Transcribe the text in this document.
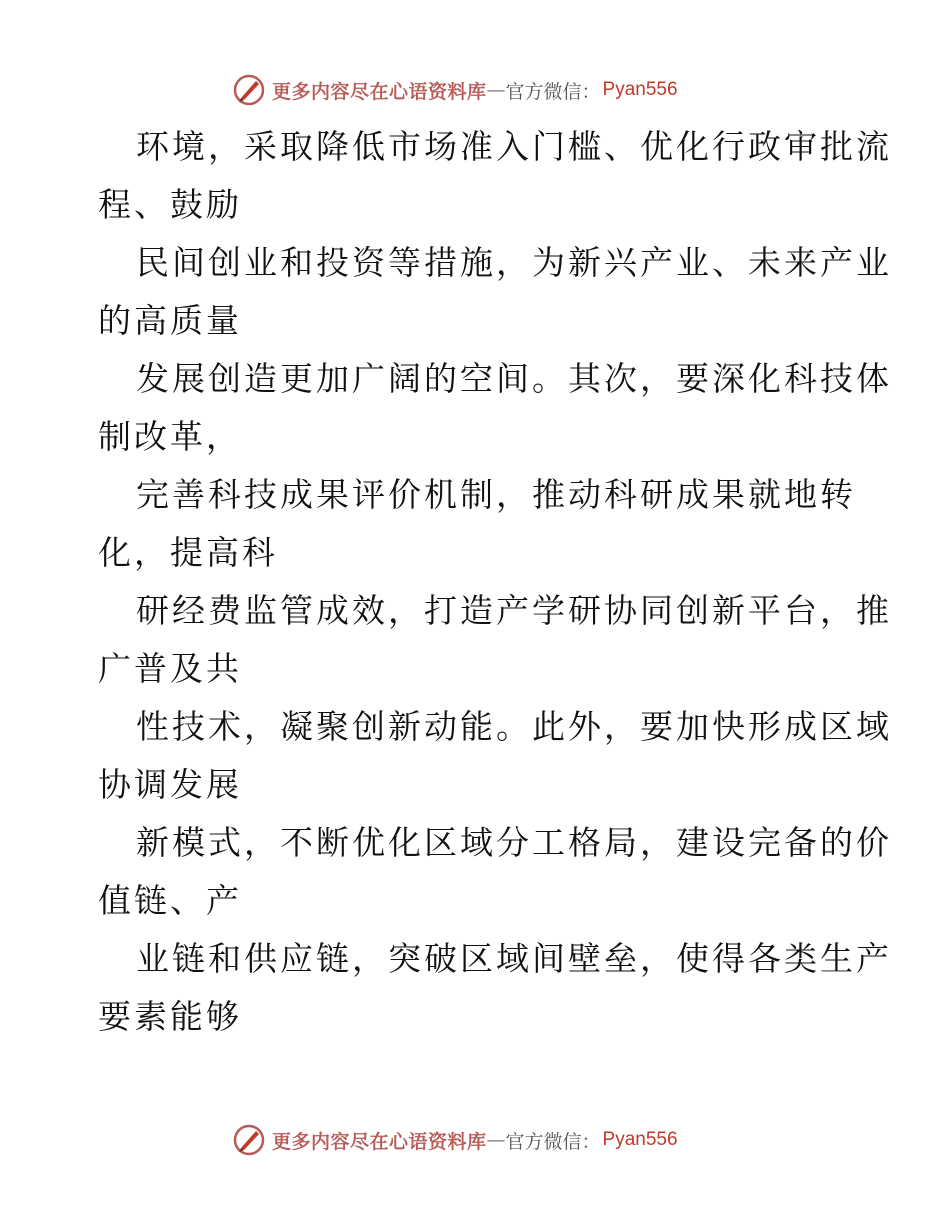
更多内容尽在心语资料库 — 官方微信： Pyan556
环境，采取降低市场准入门槛、优化行政审批流
程、鼓励
民间创业和投资等措施，为新兴产业、未来产业
的高质量
发展创造更加广阔的空间。其次，要深化科技体
制改革，
完善科技成果评价机制，推动科研成果就地转
化，提高科
研经费监管成效，打造产学研协同创新平台，推
广普及共
性技术，凝聚创新动能。此外，要加快形成区域
协调发展
新模式，不断优化区域分工格局，建设完备的价
值链、产
业链和供应链，突破区域间壁垒，使得各类生产
要素能够
更多内容尽在心语资料库 — 官方微信： Pyan556
